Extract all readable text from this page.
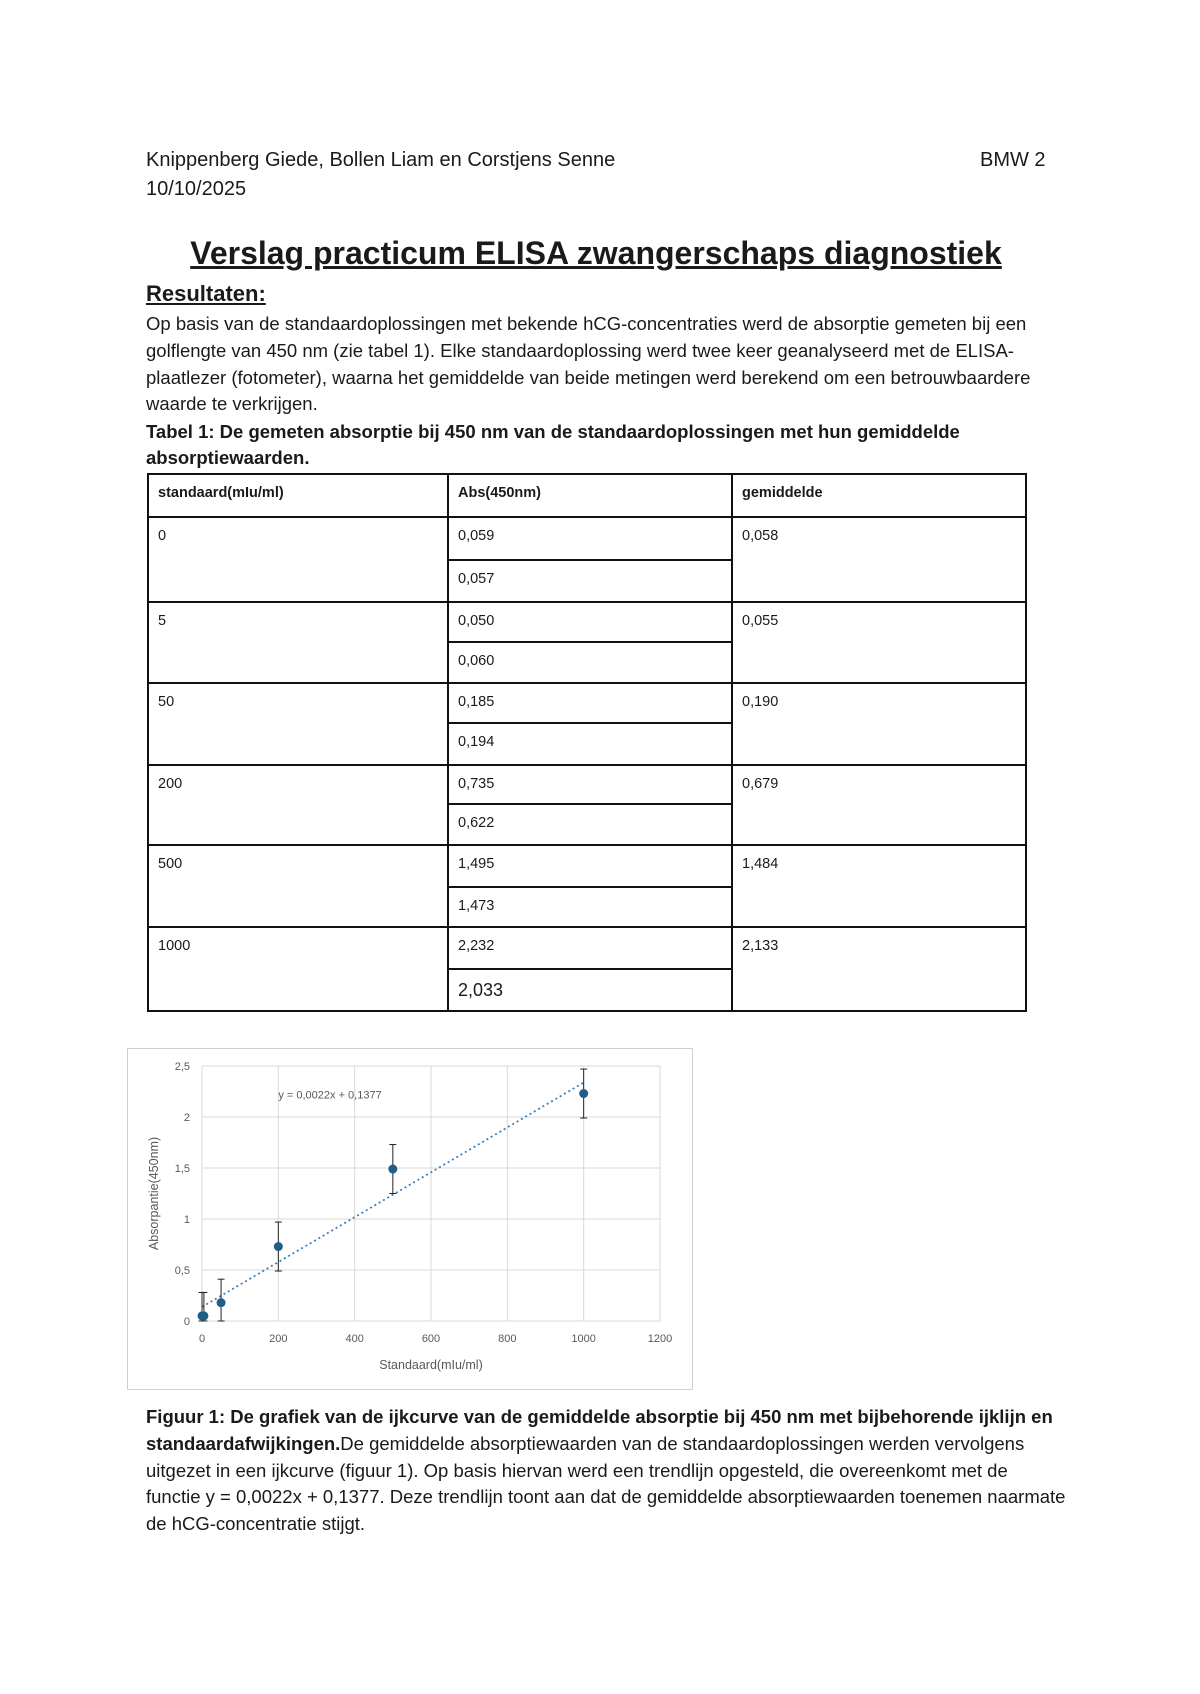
Knippenberg Giede, Bollen Liam en Corstjens Senne
10/10/2025
BMW 2
Verslag practicum ELISA zwangerschaps diagnostiek
Resultaten:
Op basis van de standaardoplossingen met bekende hCG-concentraties werd de absorptie gemeten bij een golflengte van 450 nm (zie tabel 1). Elke standaardoplossing werd twee keer geanalyseerd met de ELISA-plaatlezer (fotometer), waarna het gemiddelde van beide metingen werd berekend om een betrouwbaardere waarde te verkrijgen.
Tabel 1: De gemeten absorptie bij 450 nm van de standaardoplossingen met hun gemiddelde absorptiewaarden.
standaard(mIu/ml)	Abs(450nm)	gemiddelde
0	0,059	0,058
	0,057	
5	0,050	0,055
	0,060	
50	0,185	0,190
	0,194	
200	0,735	0,679
	0,622	
500	1,495	1,484
	1,473	
1000	2,232	2,133
	2,033	
0
0,5
1
1,5
2
2,5
0	200	400	600	800	1000	1200
y = 0,0022x + 0,1377
Standaard(mIu/ml)
Absorpantie(450nm)
Figuur 1: De grafiek van de ijkcurve van de gemiddelde absorptie bij 450 nm met bijbehorende ijklijn en standaardafwijkingen.De gemiddelde absorptiewaarden van de standaardoplossingen werden vervolgens uitgezet in een ijkcurve (figuur 1). Op basis hiervan werd een trendlijn opgesteld, die overeenkomt met de functie y = 0,0022x + 0,1377. Deze trendlijn toont aan dat de gemiddelde absorptiewaarden toenemen naarmate de hCG-concentratie stijgt.
